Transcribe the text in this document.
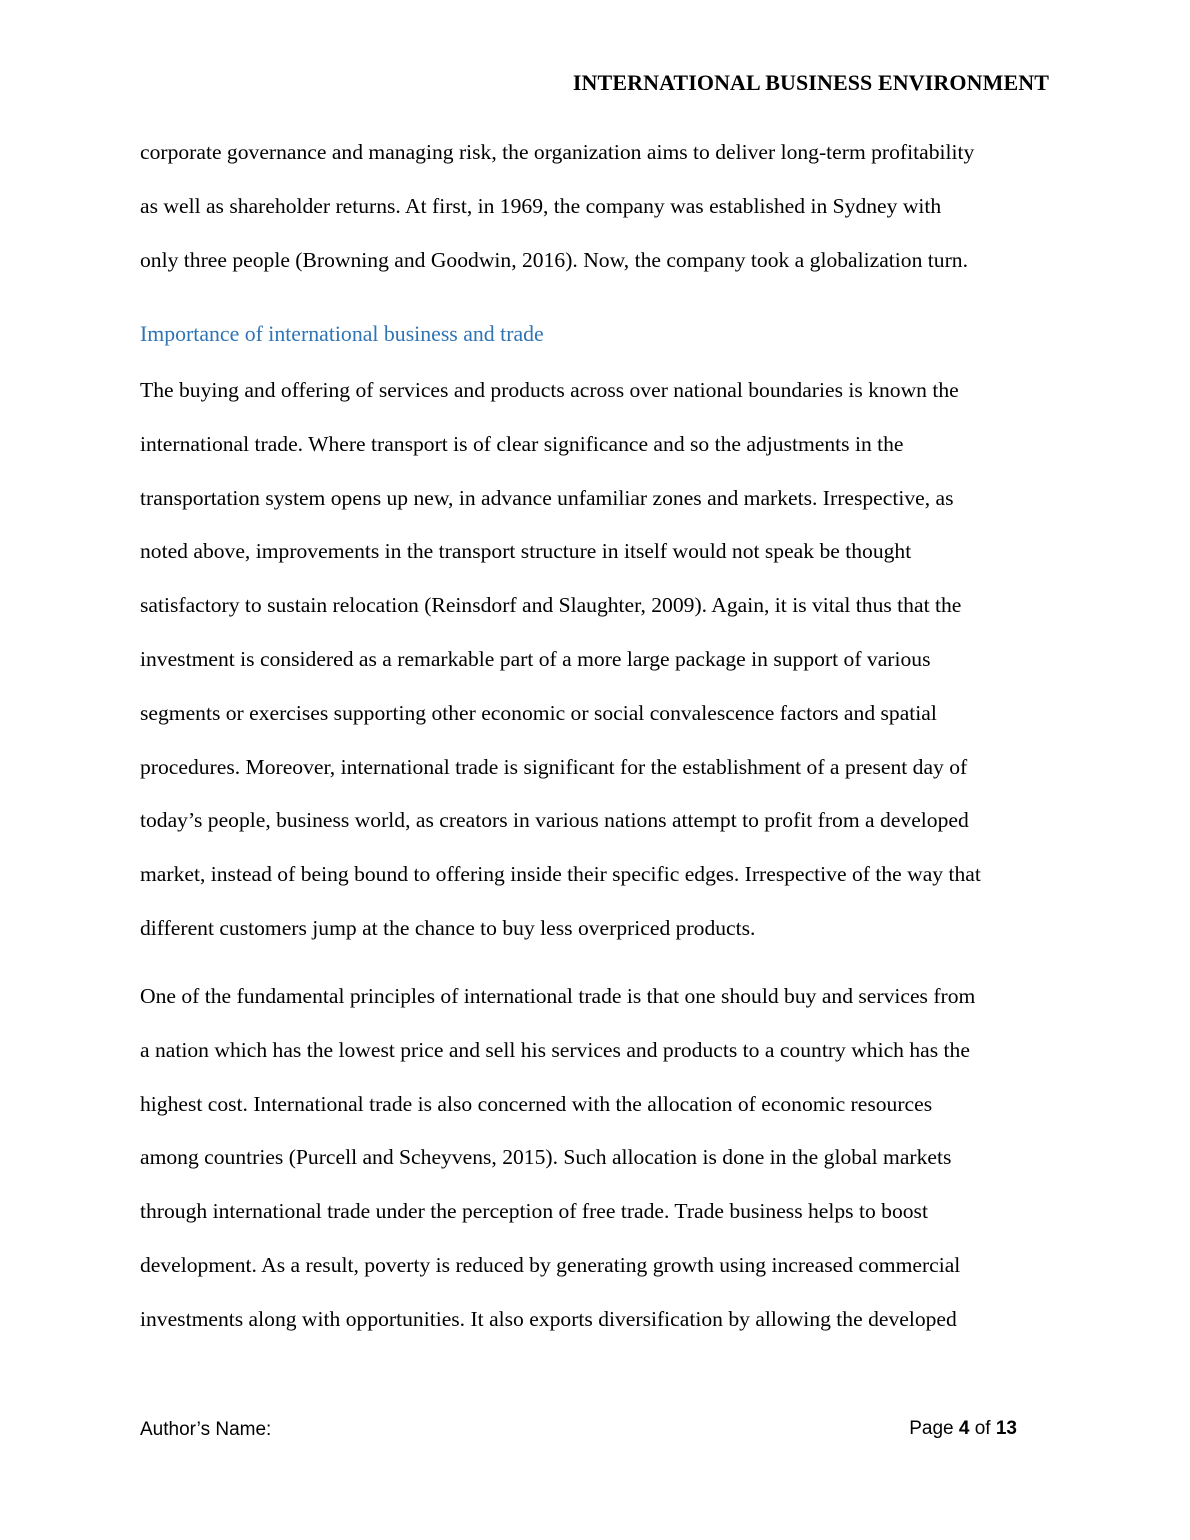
INTERNATIONAL BUSINESS ENVIRONMENT
corporate governance and managing risk, the organization aims to deliver long-term profitability
as well as shareholder returns. At first, in 1969, the company was established in Sydney with
only three people (Browning and Goodwin, 2016). Now, the company took a globalization turn.
Importance of international business and trade
The buying and offering of services and products across over national boundaries is known the
international trade. Where transport is of clear significance and so the adjustments in the
transportation system opens up new, in advance unfamiliar zones and markets. Irrespective, as
noted above, improvements in the transport structure in itself would not speak be thought
satisfactory to sustain relocation (Reinsdorf and Slaughter, 2009). Again, it is vital thus that the
investment is considered as a remarkable part of a more large package in support of various
segments or exercises supporting other economic or social convalescence factors and spatial
procedures. Moreover, international trade is significant for the establishment of a present day of
today’s people, business world, as creators in various nations attempt to profit from a developed
market, instead of being bound to offering inside their specific edges. Irrespective of the way that
different customers jump at the chance to buy less overpriced products.
One of the fundamental principles of international trade is that one should buy and services from
a nation which has the lowest price and sell his services and products to a country which has the
highest cost. International trade is also concerned with the allocation of economic resources
among countries (Purcell and Scheyvens, 2015). Such allocation is done in the global markets
through international trade under the perception of free trade. Trade business helps to boost
development. As a result, poverty is reduced by generating growth using increased commercial
investments along with opportunities. It also exports diversification by allowing the developed
Author’s Name:	Page 4 of 13
